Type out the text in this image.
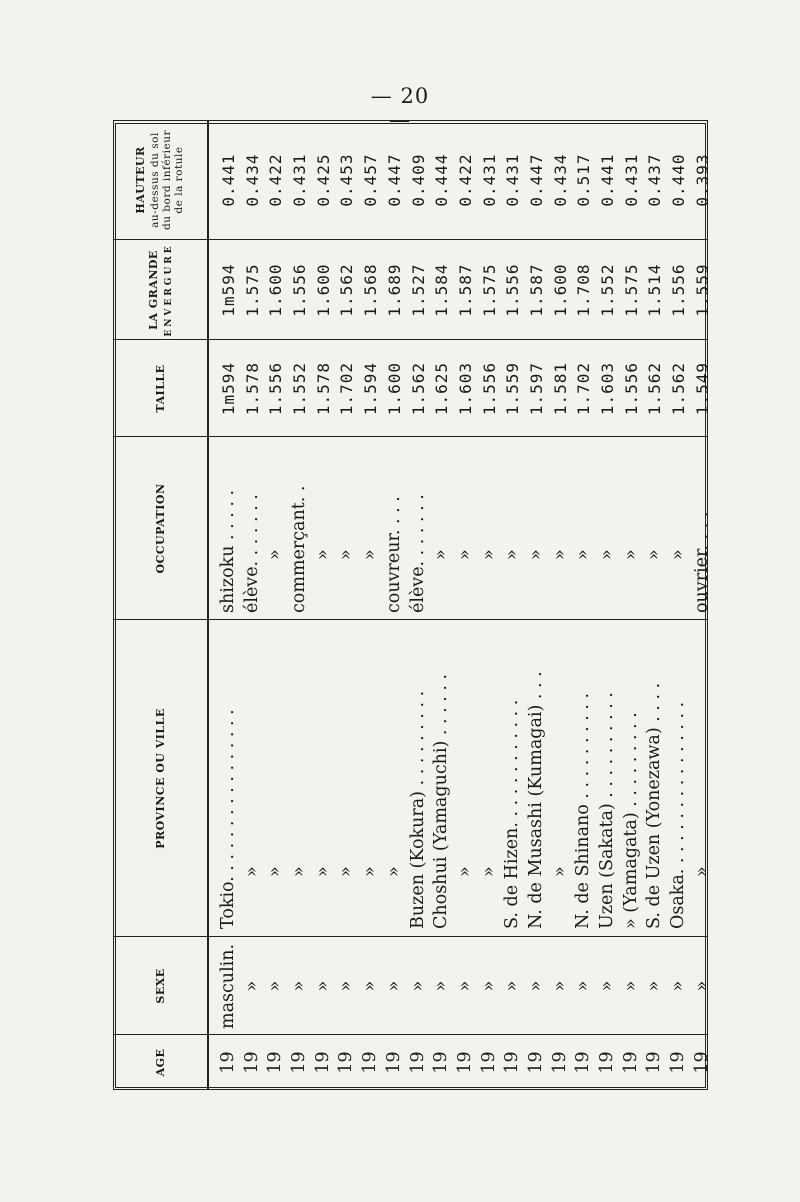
— 20 —
AGE
SEXE
PROVINCE OU VILLE
OCCUPATION
TAILLE
LA GRANDE ENVERGURE
HAUTEUR au-dessus du sol du bord inférieur de la rotule
19
masculin.
Tokio. . . . . . . . . . . . . . . .
shizoku . . . . .
1m594
1m594
0.441
19
»
»
élève. . . . . . .
1.578
1.575
0.434
19
»
»
»
1.556
1.600
0.422
19
»
»
commerçant. .
1.552
1.556
0.431
19
»
»
»
1.578
1.600
0.425
19
»
»
»
1.702
1.562
0.453
19
»
»
»
1.594
1.568
0.457
19
»
»
couvreur. . . .
1.600
1.689
0.447
19
»
Buzen (Kokura) . . . . . . . . .
élève. . . . . . .
1.562
1.527
0.409
19
»
Choshui (Yamaguchi) . . . . . .
»
1.625
1.584
0.444
19
»
»
»
1.603
1.587
0.422
19
»
»
»
1.556
1.575
0.431
19
»
S. de Hizen. . . . . . . . . . . .
»
1.559
1.556
0.431
19
»
N. de Musashi (Kumagai) . . .
»
1.597
1.587
0.447
19
»
»
»
1.581
1.600
0.434
19
»
N. de Shinano . . . . . . . . . .
»
1.702
1.708
0.517
19
»
Uzen (Sakata) . . . . . . . . . .
»
1.603
1.552
0.441
19
»
» (Yamagata) . . . . . . . . .
»
1.556
1.575
0.431
19
»
S. de Uzen (Yonezawa) . . . .
»
1.562
1.514
0.437
19
»
Osaka. . . . . . . . . . . . . . . .
»
1.562
1.556
0.440
19
»
»
ouvrier. . . .
1.549
1.559
0.393
